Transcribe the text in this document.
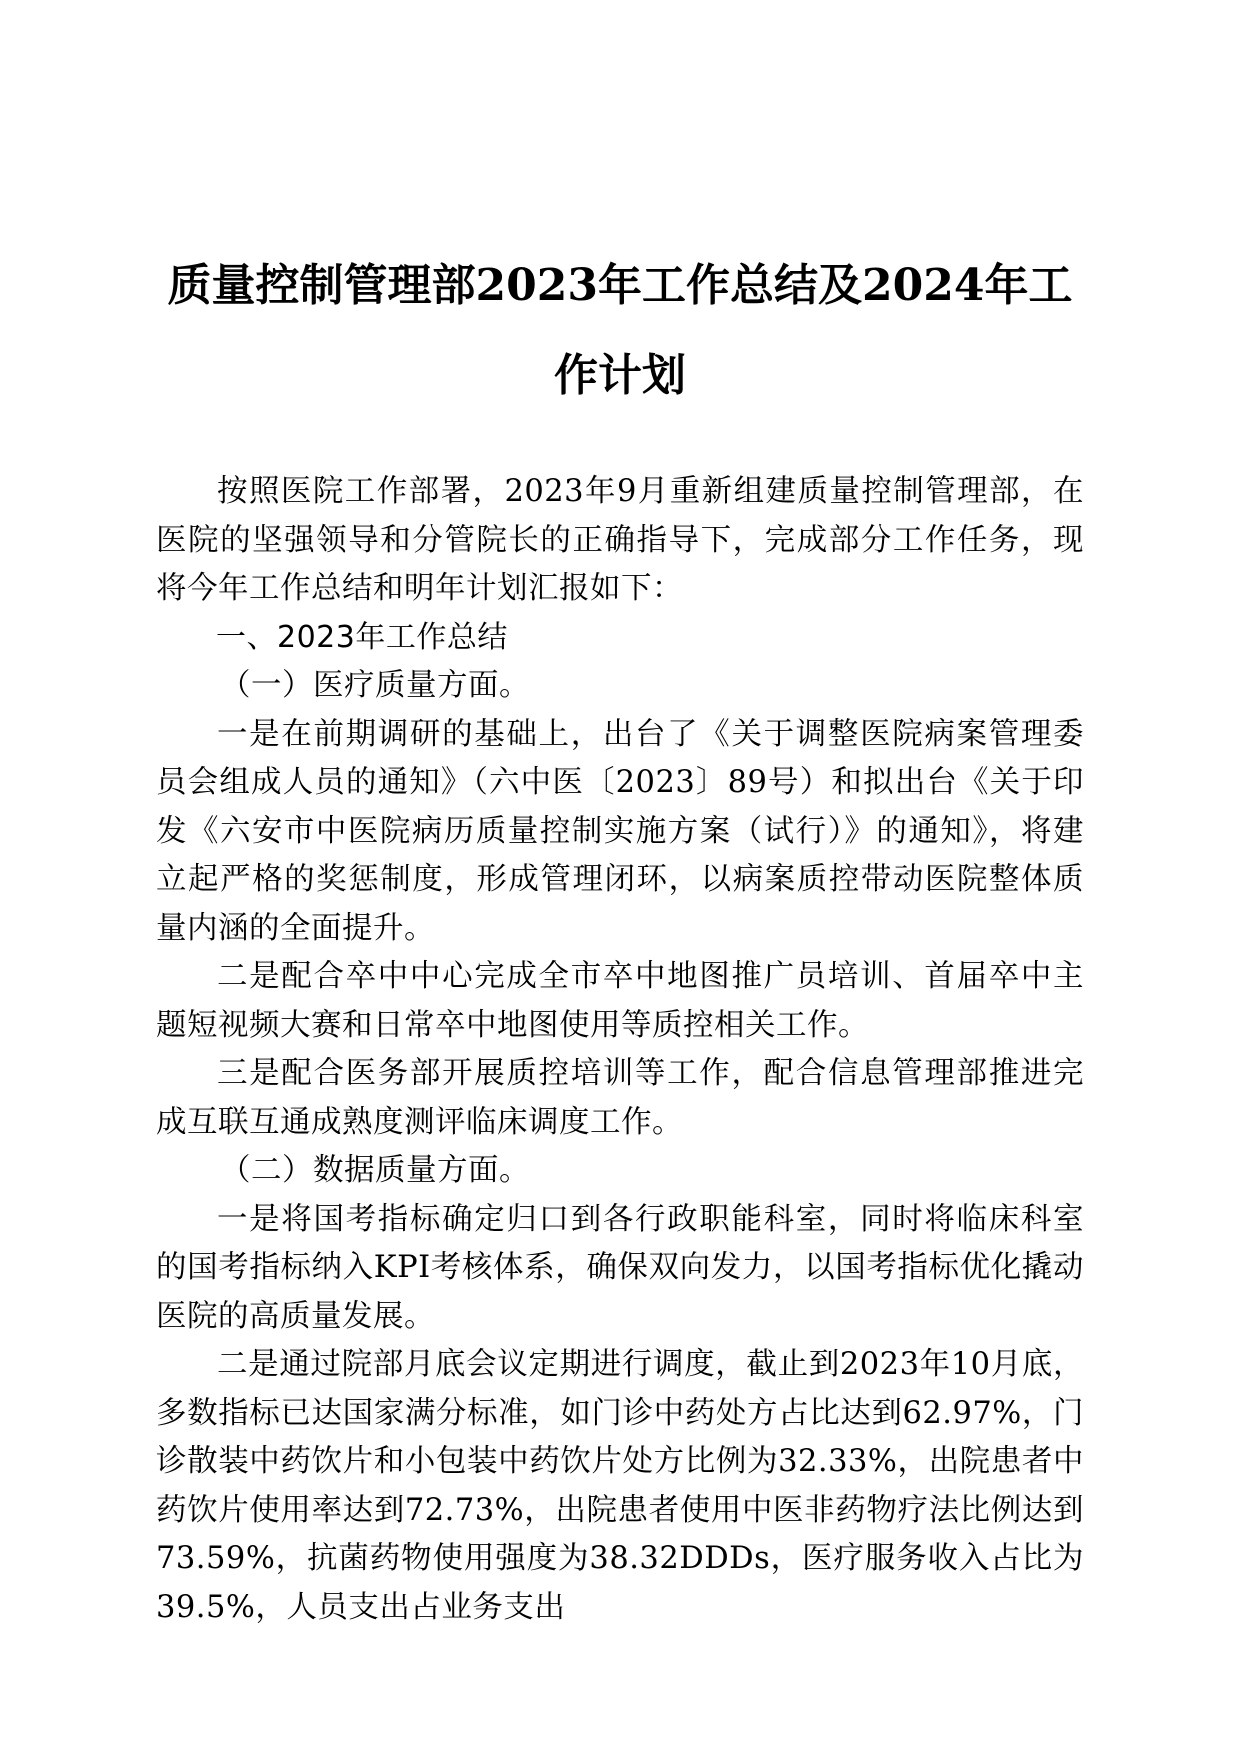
质量控制管理部2023年工作总结及2024年工
作计划

按照医院工作部署，2023年9月重新组建质量控制管理部，在医院的坚强领导和分管院长的正确指导下，完成部分工作任务，现将今年工作总结和明年计划汇报如下：

一、2023年工作总结

（一）医疗质量方面。

一是在前期调研的基础上，出台了《关于调整医院病案管理委员会组成人员的通知》（六中医〔2023〕89号）和拟出台《关于印发《六安市中医院病历质量控制实施方案（试行）》的通知》，将建立起严格的奖惩制度，形成管理闭环，以病案质控带动医院整体质量内涵的全面提升。

二是配合卒中中心完成全市卒中地图推广员培训、首届卒中主题短视频大赛和日常卒中地图使用等质控相关工作。

三是配合医务部开展质控培训等工作，配合信息管理部推进完成互联互通成熟度测评临床调度工作。

（二）数据质量方面。

一是将国考指标确定归口到各行政职能科室，同时将临床科室的国考指标纳入KPI考核体系，确保双向发力，以国考指标优化撬动医院的高质量发展。

二是通过院部月底会议定期进行调度，截止到2023年10月底，多数指标已达国家满分标准，如门诊中药处方占比达到62.97%，门诊散装中药饮片和小包装中药饮片处方比例为32.33%，出院患者中药饮片使用率达到72.73%，出院患者使用中医非药物疗法比例达到73.59%，抗菌药物使用强度为38.32DDDs，医疗服务收入占比为39.5%，人员支出占业务支出
